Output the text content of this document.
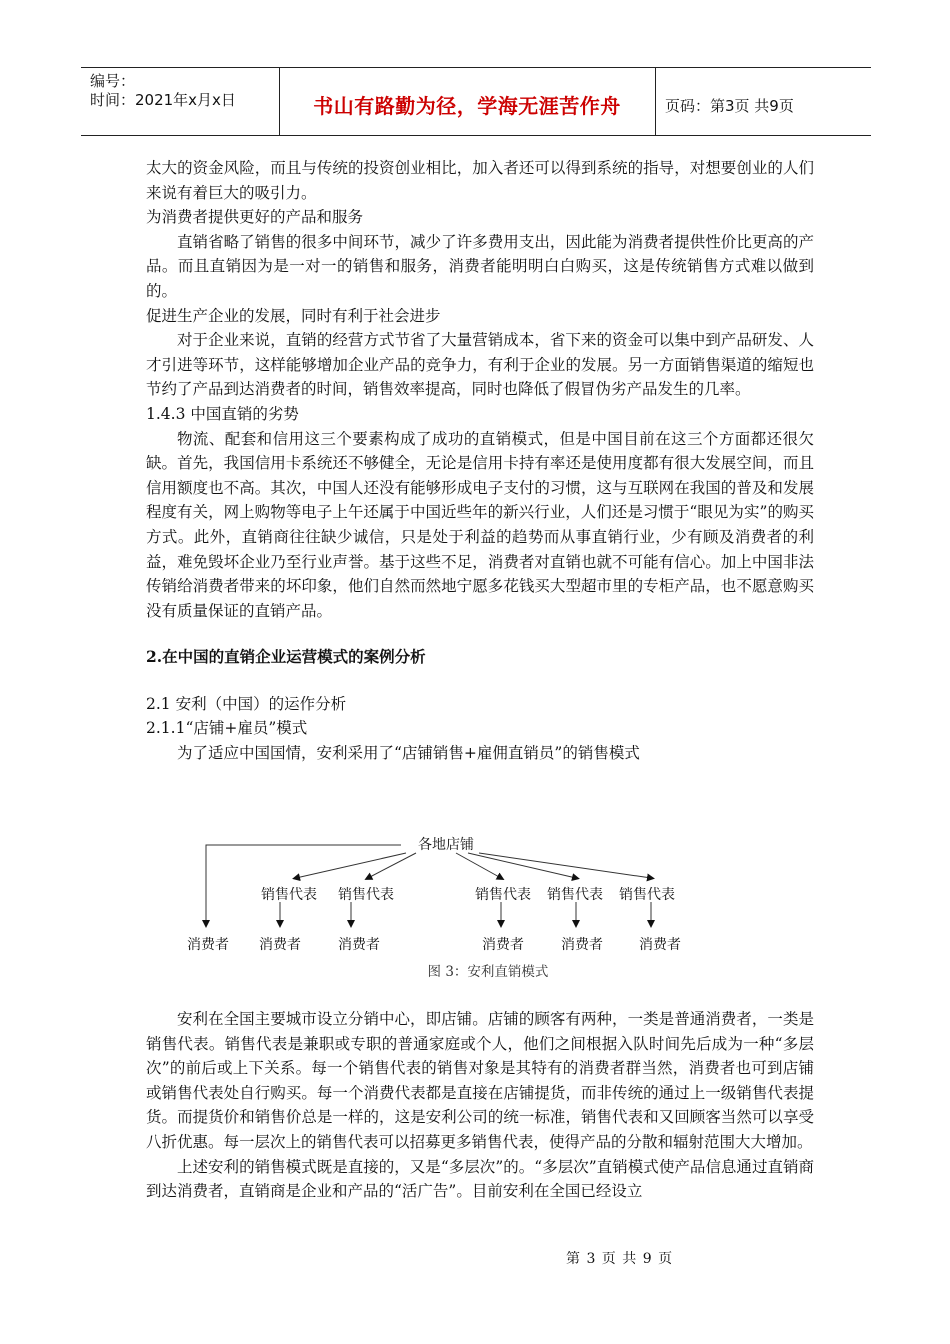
编号：
时间：2021年x月x日	书山有路勤为径，学海无涯苦作舟	页码：第3页 共9页

太大的资金风险，而且与传统的投资创业相比，加入者还可以得到系统的指导，对想要创业的人们来说有着巨大的吸引力。

为消费者提供更好的产品和服务

直销省略了销售的很多中间环节，减少了许多费用支出，因此能为消费者提供性价比更高的产品。而且直销因为是一对一的销售和服务，消费者能明明白白购买，这是传统销售方式难以做到的。

促进生产企业的发展，同时有利于社会进步

对于企业来说，直销的经营方式节省了大量营销成本，省下来的资金可以集中到产品研发、人才引进等环节，这样能够增加企业产品的竞争力，有利于企业的发展。另一方面销售渠道的缩短也节约了产品到达消费者的时间，销售效率提高，同时也降低了假冒伪劣产品发生的几率。

1.4.3 中国直销的劣势

物流、配套和信用这三个要素构成了成功的直销模式，但是中国目前在这三个方面都还很欠缺。首先，我国信用卡系统还不够健全，无论是信用卡持有率还是使用度都有很大发展空间，而且信用额度也不高。其次，中国人还没有能够形成电子支付的习惯，这与互联网在我国的普及和发展程度有关，网上购物等电子上午还属于中国近些年的新兴行业，人们还是习惯于“眼见为实”的购买方式。此外，直销商往往缺少诚信，只是处于利益的趋势而从事直销行业，少有顾及消费者的利益，难免毁坏企业乃至行业声誉。基于这些不足，消费者对直销也就不可能有信心。加上中国非法传销给消费者带来的坏印象，他们自然而然地宁愿多花钱买大型超市里的专柜产品，也不愿意购买没有质量保证的直销产品。

2.在中国的直销企业运营模式的案例分析

2.1 安利（中国）的运作分析

2.1.1“店铺+雇员”模式

为了适应中国国情，安利采用了“店铺销售+雇佣直销员”的销售模式

各地店铺
销售代表 销售代表	销售代表 销售代表 销售代表
消费者 消费者	消费者	消费者	消费者	消费者
图 3：安利直销模式

安利在全国主要城市设立分销中心，即店铺。店铺的顾客有两种，一类是普通消费者，一类是销售代表。销售代表是兼职或专职的普通家庭或个人，他们之间根据入队时间先后成为一种“多层次”的前后或上下关系。每一个销售代表的销售对象是其特有的消费者群当然，消费者也可到店铺或销售代表处自行购买。每一个消费代表都是直接在店铺提货，而非传统的通过上一级销售代表提货。而提货价和销售价总是一样的，这是安利公司的统一标准，销售代表和又回顾客当然可以享受八折优惠。每一层次上的销售代表可以招募更多销售代表，使得产品的分散和辐射范围大大增加。

上述安利的销售模式既是直接的，又是“多层次”的。“多层次”直销模式使产品信息通过直销商到达消费者，直销商是企业和产品的“活广告”。目前安利在全国已经设立

第 3 页 共 9 页
